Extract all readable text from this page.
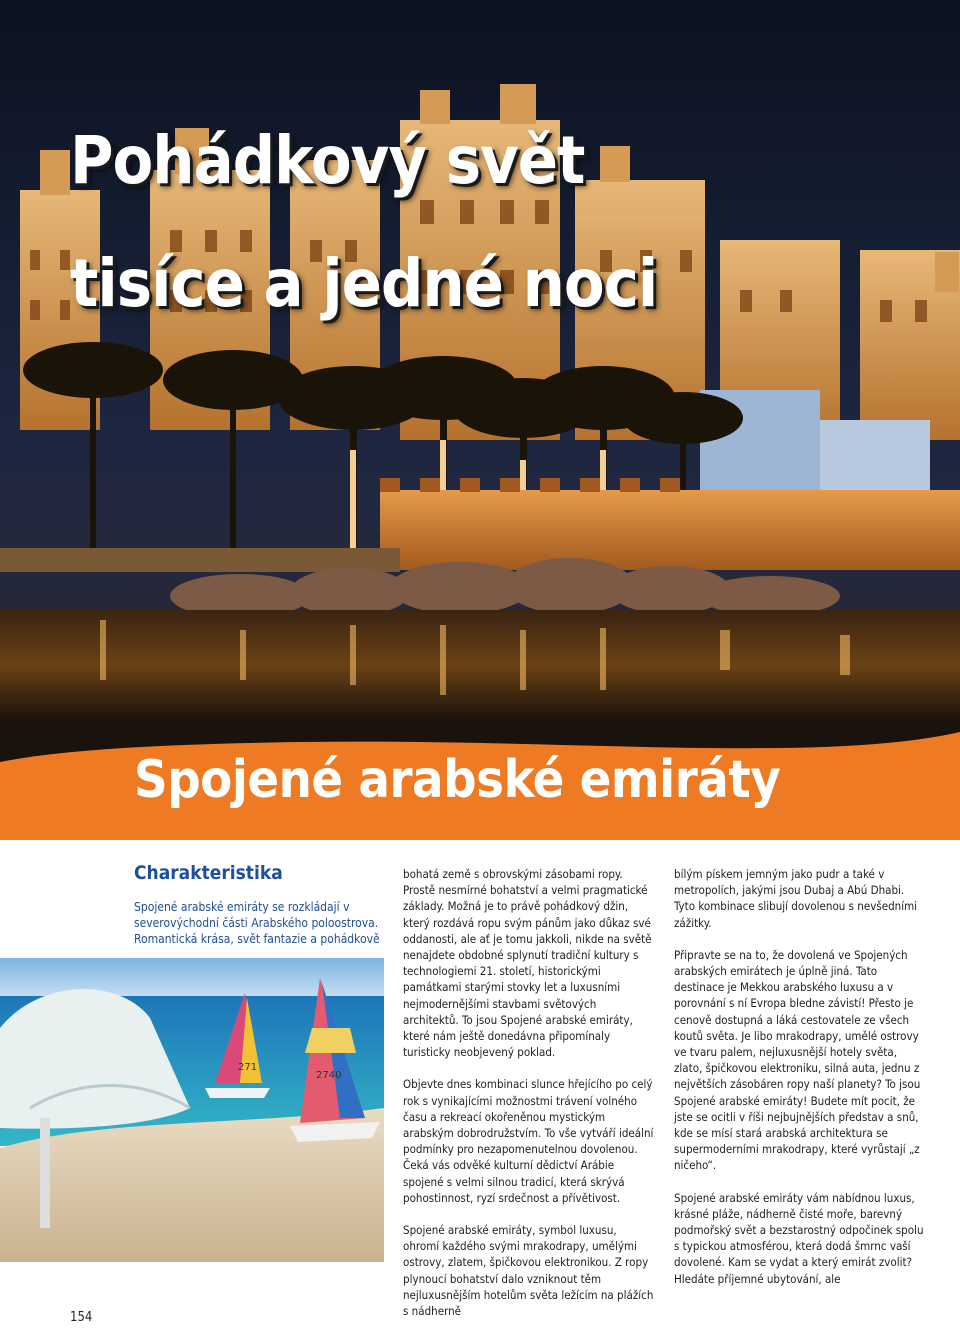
Pohádkový svět
tisíce a jedné noci
Spojené arabské emiráty
Charakteristika

Spojené arabské emiráty se rozkládají v severovýchodní části Arabského poloostrova. Romantická krása, svět fantazie a pohádkově

271
2740
154

bohatá země s obrovskými zásobami ropy. Prostě nesmírné bohatství a velmi pragmatické základy. Možná je to právě pohádkový džin, který rozdává ropu svým pánům jako důkaz své oddanosti, ale ať je tomu jakkoli, nikde na světě nenajdete obdobné splynutí tradiční kultury s technologiemi 21. století, historickými památkami starými stovky let a luxusními nejmodernějšími stavbami světových architektů. To jsou Spojené arabské emiráty, které nám ještě donedávna připomínaly turisticky neobjevený poklad.

Objevte dnes kombinaci slunce hřejícího po celý rok s vynikajícími možnostmi trávení volného času a rekreací okořeněnou mystickým arabským dobrodružstvím. To vše vytváří ideální podmínky pro nezapomenutelnou dovolenou. Čeká vás odvěké kulturní dědictví Arábie spojené s velmi silnou tradicí, která skrývá pohostinnost, ryzí srdečnost a přívětivost.

Spojené arabské emiráty, symbol luxusu, ohromí každého svými mrakodrapy, umělými ostrovy, zlatem, špičkovou elektronikou. Z ropy plynoucí bohatství dalo vzniknout těm nejluxusnějším hotelům světa ležícím na plážích s nádherně

bílým pískem jemným jako pudr a také v metropolích, jakými jsou Dubaj a Abú Dhabi. Tyto kombinace slibují dovolenou s nevšedními zážitky.

Připravte se na to, že dovolená ve Spojených arabských emirátech je úplně jiná. Tato destinace je Mekkou arabského luxusu a v porovnání s ní Evropa bledne závistí! Přesto je cenově dostupná a láká cestovatele ze všech koutů světa. Je libo mrakodrapy, umělé ostrovy ve tvaru palem, nejluxusnější hotely světa, zlato, špičkovou elektroniku, silná auta, jednu z největších zásobáren ropy naší planety? To jsou Spojené arabské emiráty! Budete mít pocit, že jste se ocitli v říši nejbujnějších představ a snů, kde se mísí stará arabská architektura se supermoderními mrakodrapy, které vyrůstají „z ničeho“.

Spojené arabské emiráty vám nabídnou luxus, krásné pláže, nádherně čisté moře, barevný podmořský svět a bezstarostný odpočinek spolu s typickou atmosférou, která dodá šmrnc vaší dovolené. Kam se vydat a který emirát zvolit? Hledáte příjemné ubytování, ale
